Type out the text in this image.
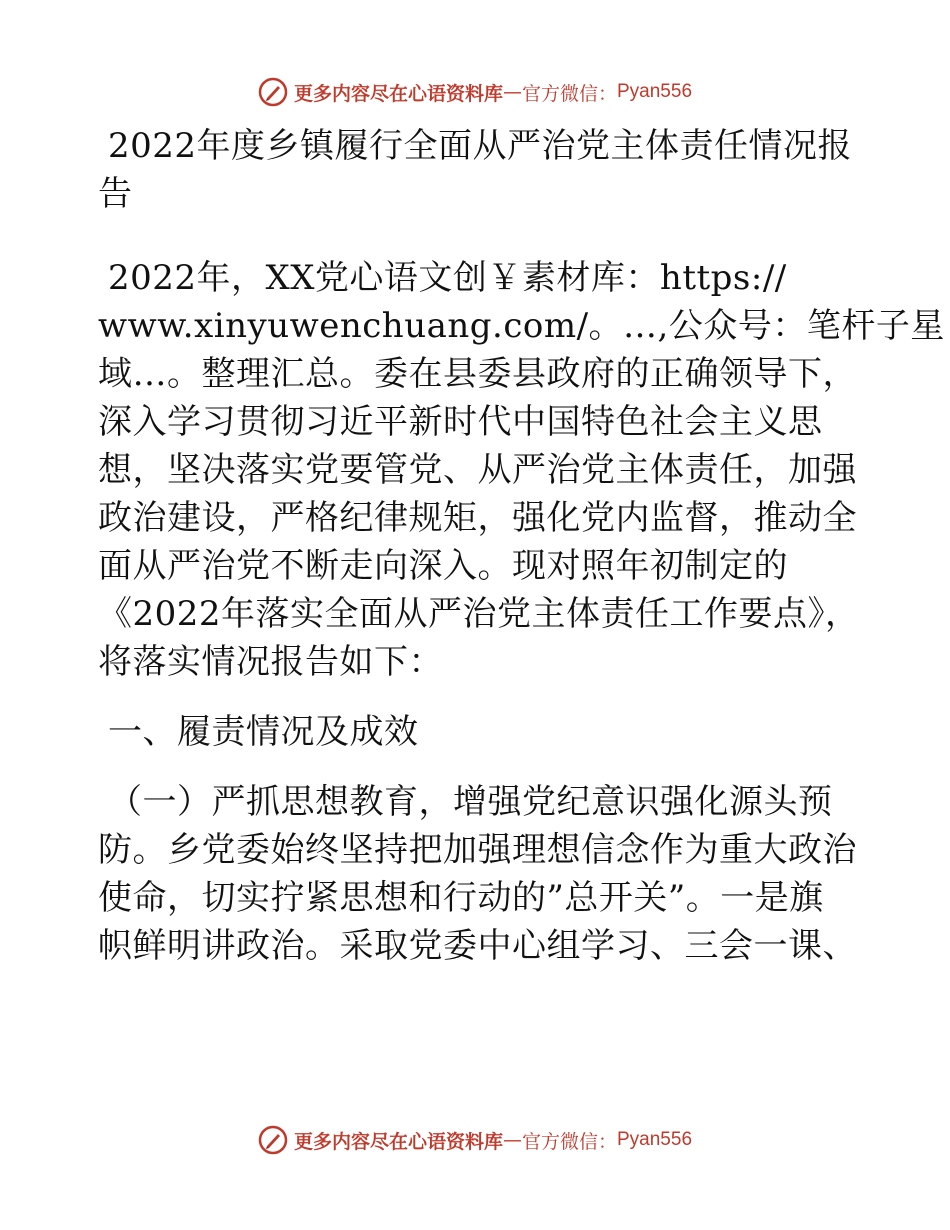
更多内容尽在心语资料库 — 官方微信： Pyan556
2022年度乡镇履行全面从严治党主体责任情况报
告
2022年，XX党心语文创￥素材库：https://
www.xinyuwenchuang.com/。…,公众号：笔杆子星
域…。整理汇总。委在县委县政府的正确领导下，
深入学习贯彻习近平新时代中国特色社会主义思
想，坚决落实党要管党、从严治党主体责任，加强
政治建设，严格纪律规矩，强化党内监督，推动全
面从严治党不断走向深入。现对照年初制定的
《2022年落实全面从严治党主体责任工作要点》，
将落实情况报告如下：
一、履责情况及成效
（一）严抓思想教育，增强党纪意识强化源头预
防。乡党委始终坚持把加强理想信念作为重大政治
使命，切实拧紧思想和行动的”总开关”。一是旗
帜鲜明讲政治。采取党委中心组学习、三会一课、
更多内容尽在心语资料库 — 官方微信： Pyan556
